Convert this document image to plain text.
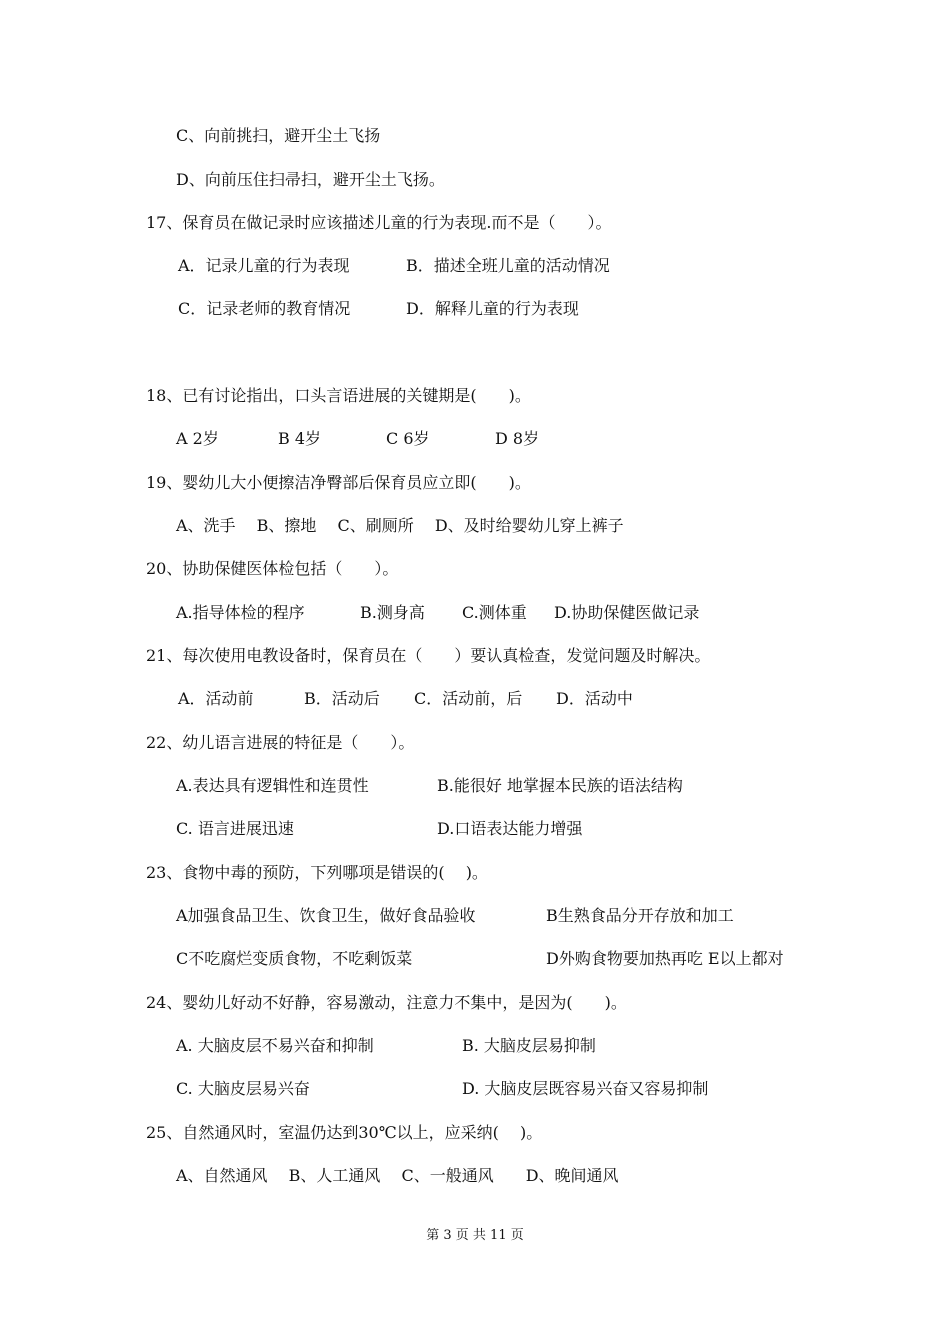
C、向前挑扫，避开尘土飞扬
D、向前压住扫帚扫，避开尘土飞扬。
17、保育员在做记录时应该描述儿童的行为表现.而不是（　　）。
A．记录儿童的行为表现	B．描述全班儿童的活动情况
C．记录老师的教育情况	D．解释儿童的行为表现
18、已有讨论指出，口头言语进展的关键期是(　　)。
A 2岁	B 4岁	C 6岁	D 8岁
19、婴幼儿大小便擦洁净臀部后保育员应立即(　　)。
A、洗手　 B、擦地　 C、刷厕所　 D、及时给婴幼儿穿上裤子
20、协助保健医体检包括（　　）。
A.指导体检的程序	B.测身高 C.测体重 D.协助保健医做记录
21、每次使用电教设备时，保育员在（　　）要认真检查，发觉问题及时解决。
A．活动前	B．活动后 C．活动前，后 D．活动中
22、幼儿语言进展的特征是（　　）。
A.表达具有逻辑性和连贯性	B.能很好 地掌握本民族的语法结构
C. 语言进展迅速	D.口语表达能力增强
23、食物中毒的预防，下列哪项是错误的(　 )。
A加强食品卫生、饮食卫生，做好食品验收	B生熟食品分开存放和加工
C不吃腐烂变质食物，不吃剩饭菜	D外购食物要加热再吃 E以上都对
24、婴幼儿好动不好静，容易激动，注意力不集中，是因为(　　)。
A. 大脑皮层不易兴奋和抑制	B. 大脑皮层易抑制
C. 大脑皮层易兴奋	D. 大脑皮层既容易兴奋又容易抑制
25、自然通风时，室温仍达到30℃以上，应采纳(　 )。
A、自然通风　 B、人工通风　 C、一般通风　　D、晚间通风
第 3 页 共 11 页
